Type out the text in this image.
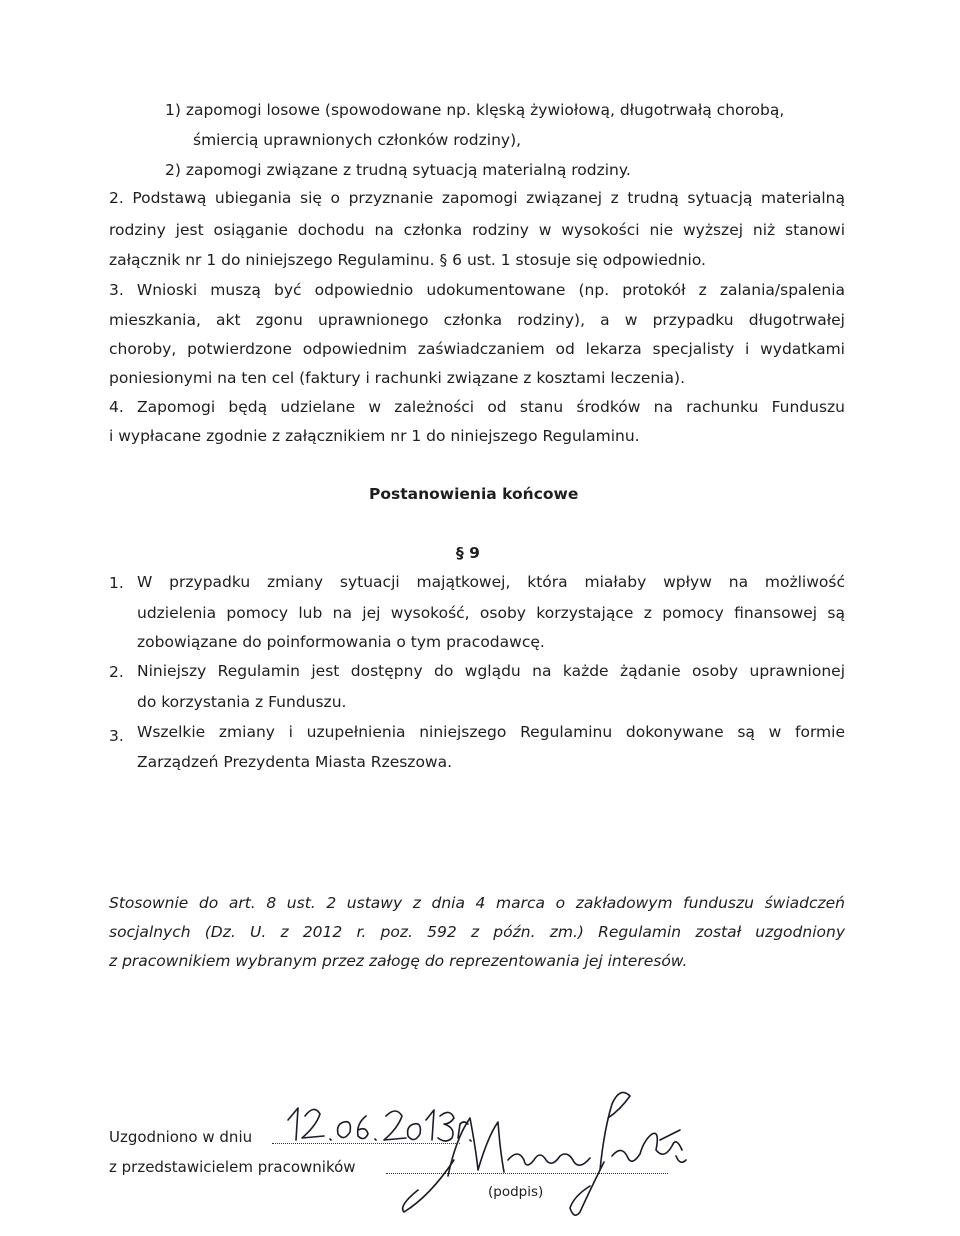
1) zapomogi losowe (spowodowane np. klęską żywiołową, długotrwałą chorobą,
śmiercią uprawnionych członków rodziny),
2) zapomogi związane z trudną sytuacją materialną rodziny.
2. Podstawą ubiegania się o przyznanie zapomogi związanej z trudną sytuacją materialną
rodziny jest osiąganie dochodu na członka rodziny w wysokości nie wyższej niż stanowi
załącznik nr 1 do niniejszego Regulaminu. § 6 ust. 1 stosuje się odpowiednio.
3. Wnioski muszą być odpowiednio udokumentowane (np. protokół z zalania/spalenia
mieszkania, akt zgonu uprawnionego członka rodziny), a w przypadku długotrwałej
choroby, potwierdzone odpowiednim zaświadczaniem od lekarza specjalisty i wydatkami
poniesionymi na ten cel (faktury i rachunki związane z kosztami leczenia).
4. Zapomogi będą udzielane w zależności od stanu środków na rachunku Funduszu
i wypłacane zgodnie z załącznikiem nr 1 do niniejszego Regulaminu.
Postanowienia końcowe
§ 9
1. W przypadku zmiany sytuacji majątkowej, która miałaby wpływ na możliwość
udzielenia pomocy lub na jej wysokość, osoby korzystające z pomocy finansowej są
zobowiązane do poinformowania o tym pracodawcę.
2. Niniejszy Regulamin jest dostępny do wglądu na każde żądanie osoby uprawnionej
do korzystania z Funduszu.
3. Wszelkie zmiany i uzupełnienia niniejszego Regulaminu dokonywane są w formie
Zarządzeń Prezydenta Miasta Rzeszowa.
Stosownie do art. 8 ust. 2 ustawy z dnia 4 marca o zakładowym funduszu świadczeń
socjalnych (Dz. U. z 2012 r. poz. 592 z późn. zm.) Regulamin został uzgodniony
z pracownikiem wybranym przez załogę do reprezentowania jej interesów.
Uzgodniono w dniu
z przedstawicielem pracowników
(podpis)
